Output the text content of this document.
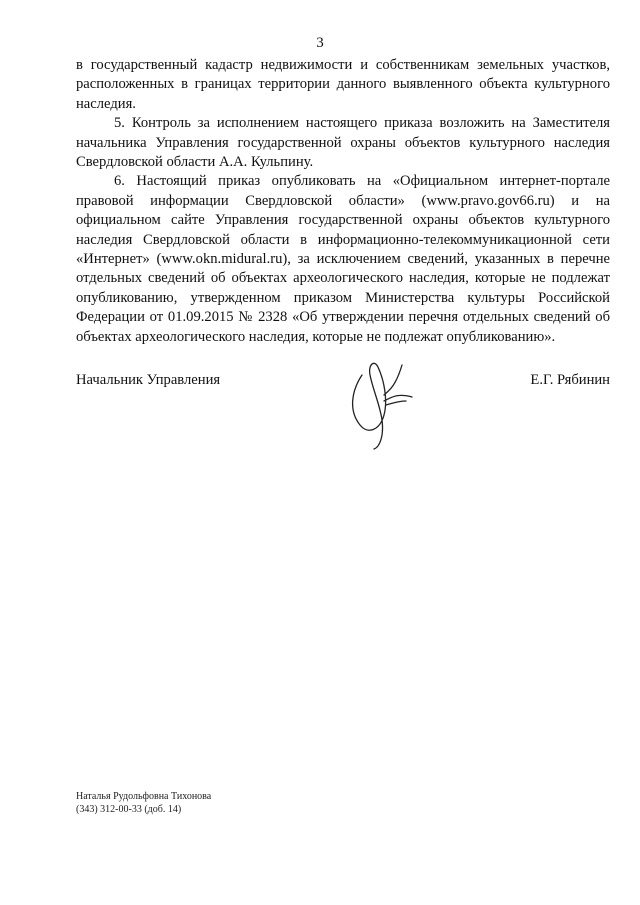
3

в государственный кадастр недвижимости и собственникам земельных участков, расположенных в границах территории данного выявленного объекта культурного наследия.

5. Контроль за исполнением настоящего приказа возложить на Заместителя начальника Управления государственной охраны объектов культурного наследия Свердловской области А.А. Кульпину.

6. Настоящий приказ опубликовать на «Официальном интернет-портале правовой информации Свердловской области» (www.pravo.gov66.ru) и на официальном сайте Управления государственной охраны объектов культурного наследия Свердловской области в информационно-телекоммуникационной сети «Интернет» (www.okn.midural.ru), за исключением сведений, указанных в перечне отдельных сведений об объектах археологического наследия, которые не подлежат опубликованию, утвержденном приказом Министерства культуры Российской Федерации от 01.09.2015 № 2328 «Об утверждении перечня отдельных сведений об объектах археологического наследия, которые не подлежат опубликованию».

Начальник Управления	Е.Г. Рябинин
Наталья Рудольфовна Тихонова
(343) 312-00-33 (доб. 14)
